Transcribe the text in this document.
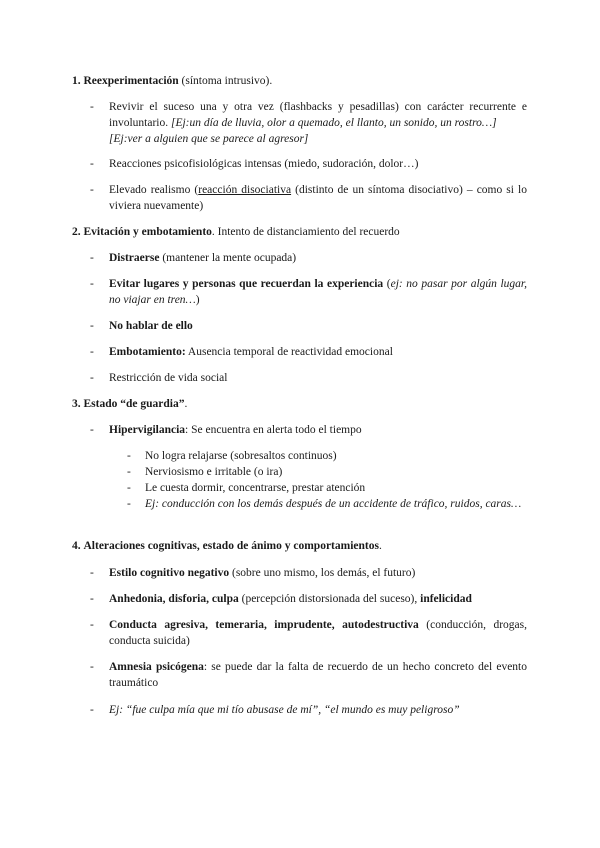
1. Reexperimentación (síntoma intrusivo).
- Revivir el suceso una y otra vez (flashbacks y pesadillas) con carácter recurrente e involuntario. [Ej:un día de lluvia, olor a quemado, el llanto, un sonido, un rostro…]
[Ej:ver a alguien que se parece al agresor]
- Reacciones psicofisiológicas intensas (miedo, sudoración, dolor…)
- Elevado realismo (reacción disociativa (distinto de un síntoma disociativo) – como si lo viviera nuevamente)
2. Evitación y embotamiento. Intento de distanciamiento del recuerdo
- Distraerse (mantener la mente ocupada)
- Evitar lugares y personas que recuerdan la experiencia (ej: no pasar por algún lugar, no viajar en tren…)
- No hablar de ello
- Embotamiento: Ausencia temporal de reactividad emocional
- Restricción de vida social
3. Estado “de guardia”.
- Hipervigilancia: Se encuentra en alerta todo el tiempo
- No logra relajarse (sobresaltos continuos)
- Nerviosismo e irritable (o ira)
- Le cuesta dormir, concentrarse, prestar atención
- Ej: conducción con los demás después de un accidente de tráfico, ruidos, caras…
4. Alteraciones cognitivas, estado de ánimo y comportamientos.
- Estilo cognitivo negativo (sobre uno mismo, los demás, el futuro)
- Anhedonia, disforia, culpa (percepción distorsionada del suceso), infelicidad
- Conducta agresiva, temeraria, imprudente, autodestructiva (conducción, drogas, conducta suicida)
- Amnesia psicógena: se puede dar la falta de recuerdo de un hecho concreto del evento traumático
- Ej: “fue culpa mía que mi tío abusase de mí”, “el mundo es muy peligroso”
